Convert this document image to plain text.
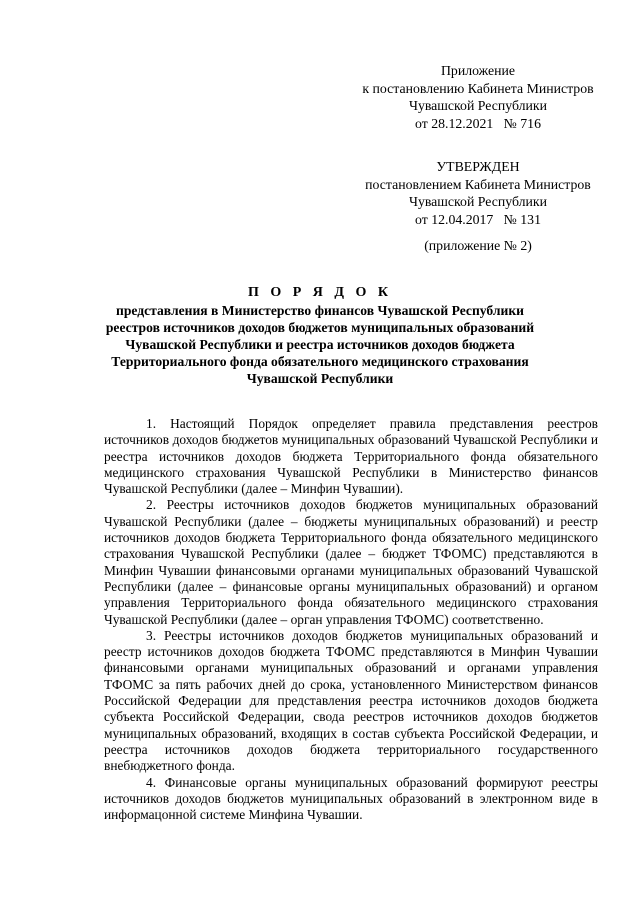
Приложение
к постановлению Кабинета Министров
Чувашской Республики
от 28.12.2021   № 716
УТВЕРЖДЕН
постановлением Кабинета Министров
Чувашской Республики
от 12.04.2017   № 131
(приложение № 2)
П О Р Я Д О К
представления в Министерство финансов Чувашской Республики
реестров источников доходов бюджетов муниципальных образований
Чувашской Республики и реестра источников доходов бюджета
Территориального фонда обязательного медицинского страхования
Чувашской Республики

1. Настоящий Порядок определяет правила представления реестров источников доходов бюджетов муниципальных образований Чувашской Республики и реестра источников доходов бюджета Территориального фонда обязательного медицинского страхования Чувашской Республики в Министерство финансов Чувашской Республики (далее – Минфин Чувашии).

2. Реестры источников доходов бюджетов муниципальных образований Чувашской Республики (далее – бюджеты муниципальных образований) и реестр источников доходов бюджета Территориального фонда обязательного медицинского страхования Чувашской Республики (далее – бюджет ТФОМС) представляются в Минфин Чувашии финансовыми органами муниципальных образований Чувашской Республики (далее – финансовые органы муниципальных образований) и органом управления Территориального фонда обязательного медицинского страхования Чувашской Республики (далее – орган управления ТФОМС) соответственно.

3. Реестры источников доходов бюджетов муниципальных образований и реестр источников доходов бюджета ТФОМС представляются в Минфин Чувашии финансовыми органами муниципальных образований и органами управления ТФОМС за пять рабочих дней до срока, установленного Министерством финансов Российской Федерации для представления реестра источников доходов бюджета субъекта Российской Федерации, свода реестров источников доходов бюджетов муниципальных образований, входящих в состав субъекта Российской Федерации, и реестра источников доходов бюджета территориального государственного внебюджетного фонда.

4. Финансовые органы муниципальных образований формируют реестры источников доходов бюджетов муниципальных образований в электронном виде в информацонной системе Минфина Чувашии.
